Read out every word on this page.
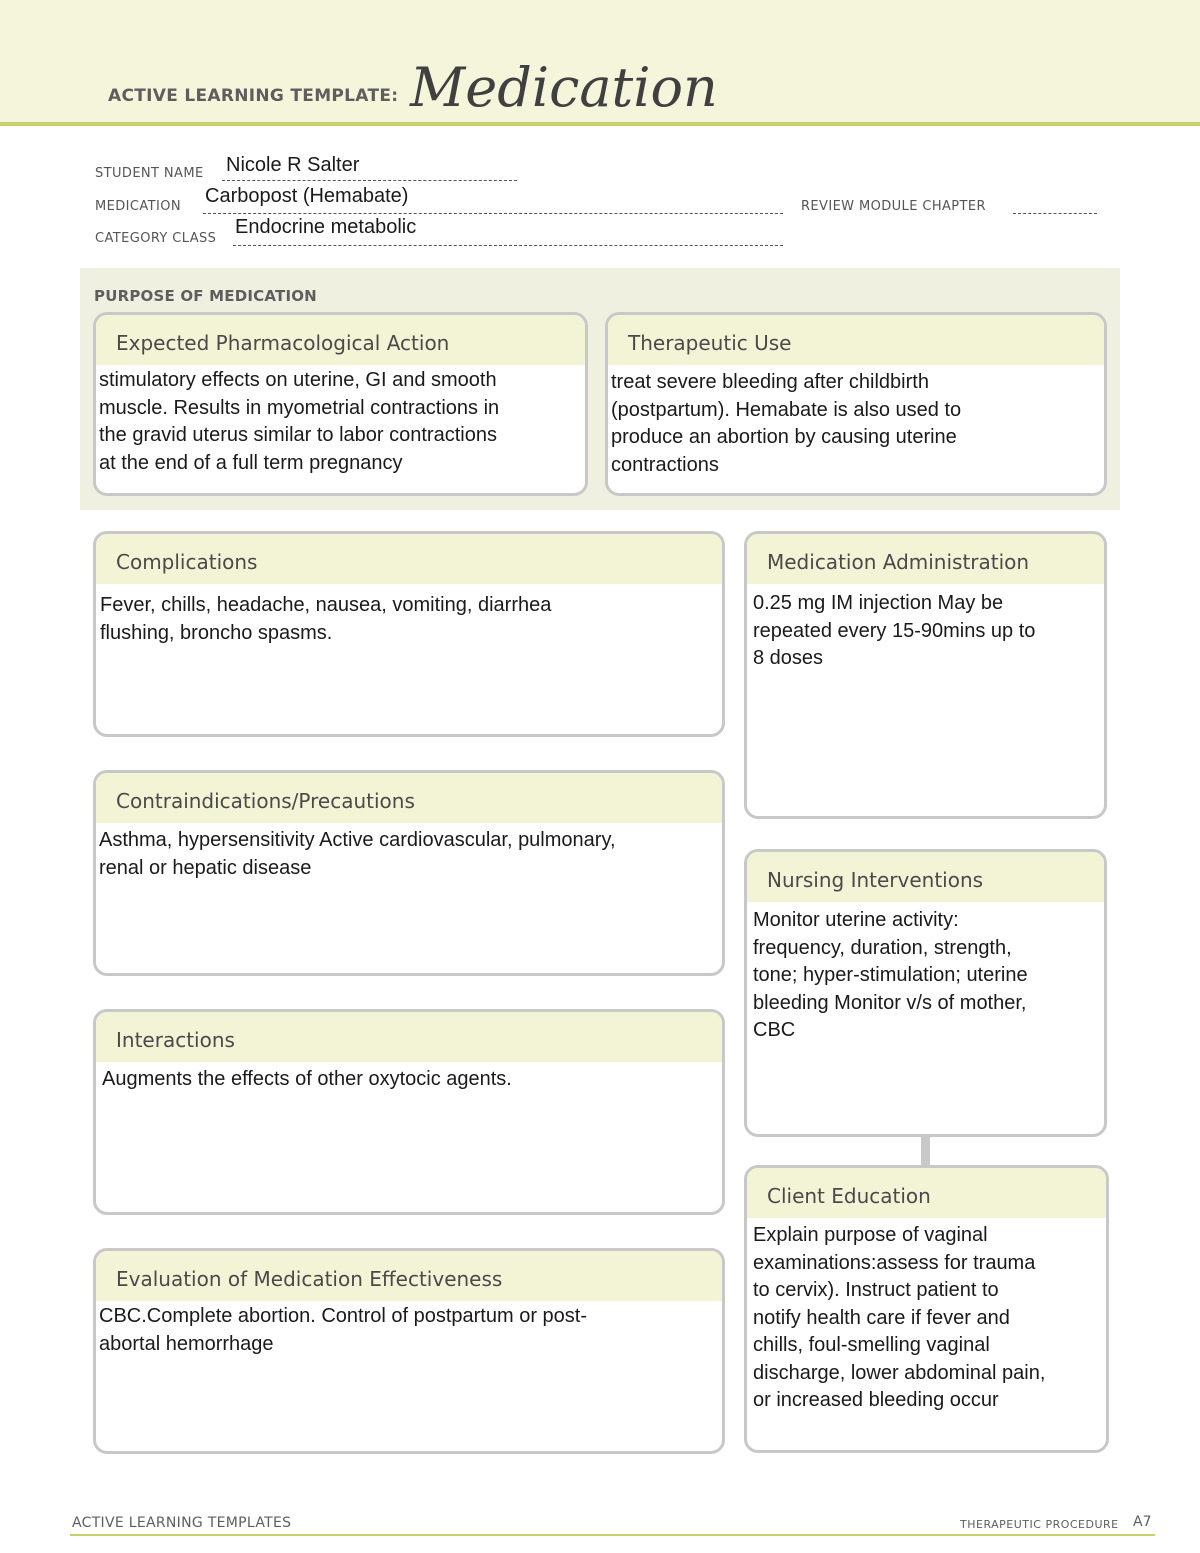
ACTIVE LEARNING TEMPLATE: Medication
STUDENT NAME Nicole R Salter
MEDICATION Carbopost (Hemabate)	REVIEW MODULE CHAPTER
CATEGORY CLASS
Endocrine metabolic
PURPOSE OF MEDICATION
Expected Pharmacological Action
stimulatory effects on uterine, GI and smooth
muscle. Results in myometrial contractions in
the gravid uterus similar to labor contractions
at the end of a full term pregnancy
Therapeutic Use
treat severe bleeding after childbirth
(postpartum). Hemabate is also used to
produce an abortion by causing uterine
contractions
Complications
Fever, chills, headache, nausea, vomiting, diarrhea
flushing, broncho spasms.
Medication Administration
0.25 mg IM injection May be
repeated every 15-90mins up to
8 doses
Contraindications/Precautions
Asthma, hypersensitivity Active cardiovascular, pulmonary,
renal or hepatic disease
Nursing Interventions
Monitor uterine activity:
frequency, duration, strength,
tone; hyper-stimulation; uterine
bleeding Monitor v/s of mother,
CBC
Interactions
Augments the effects of other oxytocic agents.
Client Education
Explain purpose of vaginal
examinations:assess for trauma
to cervix). Instruct patient to
notify health care if fever and
chills, foul-smelling vaginal
discharge, lower abdominal pain,
or increased bleeding occur
Evaluation of Medication Effectiveness
CBC.Complete abortion. Control of postpartum or post-
abortal hemorrhage
ACTIVE LEARNING TEMPLATES	THERAPEUTIC PROCEDURE A7
